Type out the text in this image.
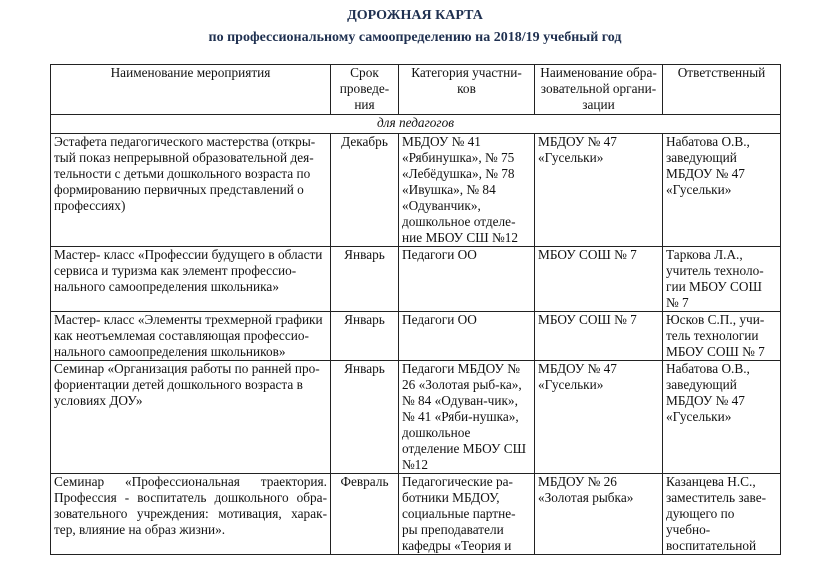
ДОРОЖНАЯ КАРТА
по профессиональному самоопределению на 2018/19 учебный год
Наименование мероприятия	Срок проведе-ния	Категория участни-ков	Наименование обра-зовательной органи-зации	Ответственный
для педагогов				
Эстафета педагогического мастерства (откры-тый показ непрерывной образовательной дея-тельности с детьми дошкольного возраста по формированию первичных представлений о профессиях)	Декабрь	МБДОУ № 41 «Рябинушка», № 75 «Лебёдушка», № 78 «Ивушка», № 84 «Одуванчик», дошкольное отделе-ние МБОУ СШ №12	МБДОУ № 47 «Гусельки»	Набатова О.В., заведующий МБДОУ № 47 «Гусельки»
Мастер- класс «Профессии будущего в области сервиса и туризма как элемент профессио-нального самоопределения школьника»	Январь	Педагоги ОО	МБОУ СОШ № 7	Таркова Л.А., учитель техноло-гии МБОУ СОШ № 7
Мастер- класс «Элементы трехмерной графики как неотъемлемая составляющая профессио-нального самоопределения школьников»	Январь	Педагоги ОО	МБОУ СОШ № 7	Юсков С.П., учи-тель технологии МБОУ СОШ № 7
Семинар «Организация работы по ранней про-фориентации детей дошкольного возраста в условиях ДОУ»	Январь	Педагоги МБДОУ № 26 «Золотая рыб-ка», № 84 «Одуван-чик», № 41 «Ряби-нушка», дошкольное отделение МБОУ СШ №12	МБДОУ № 47 «Гусельки»	Набатова О.В., заведующий МБДОУ № 47 «Гусельки»
Семинар «Профессиональная траектория. Профессия - воспитатель дошкольного обра-зовательного учреждения: мотивация, харак-тер, влияние на образ жизни».	Февраль	Педагогические ра-ботники МБДОУ, социальные партне-ры преподаватели кафедры «Теория и	МБДОУ № 26 «Золотая рыбка»	Казанцева Н.С., заместитель заве-дующего по учебно-воспитательной
